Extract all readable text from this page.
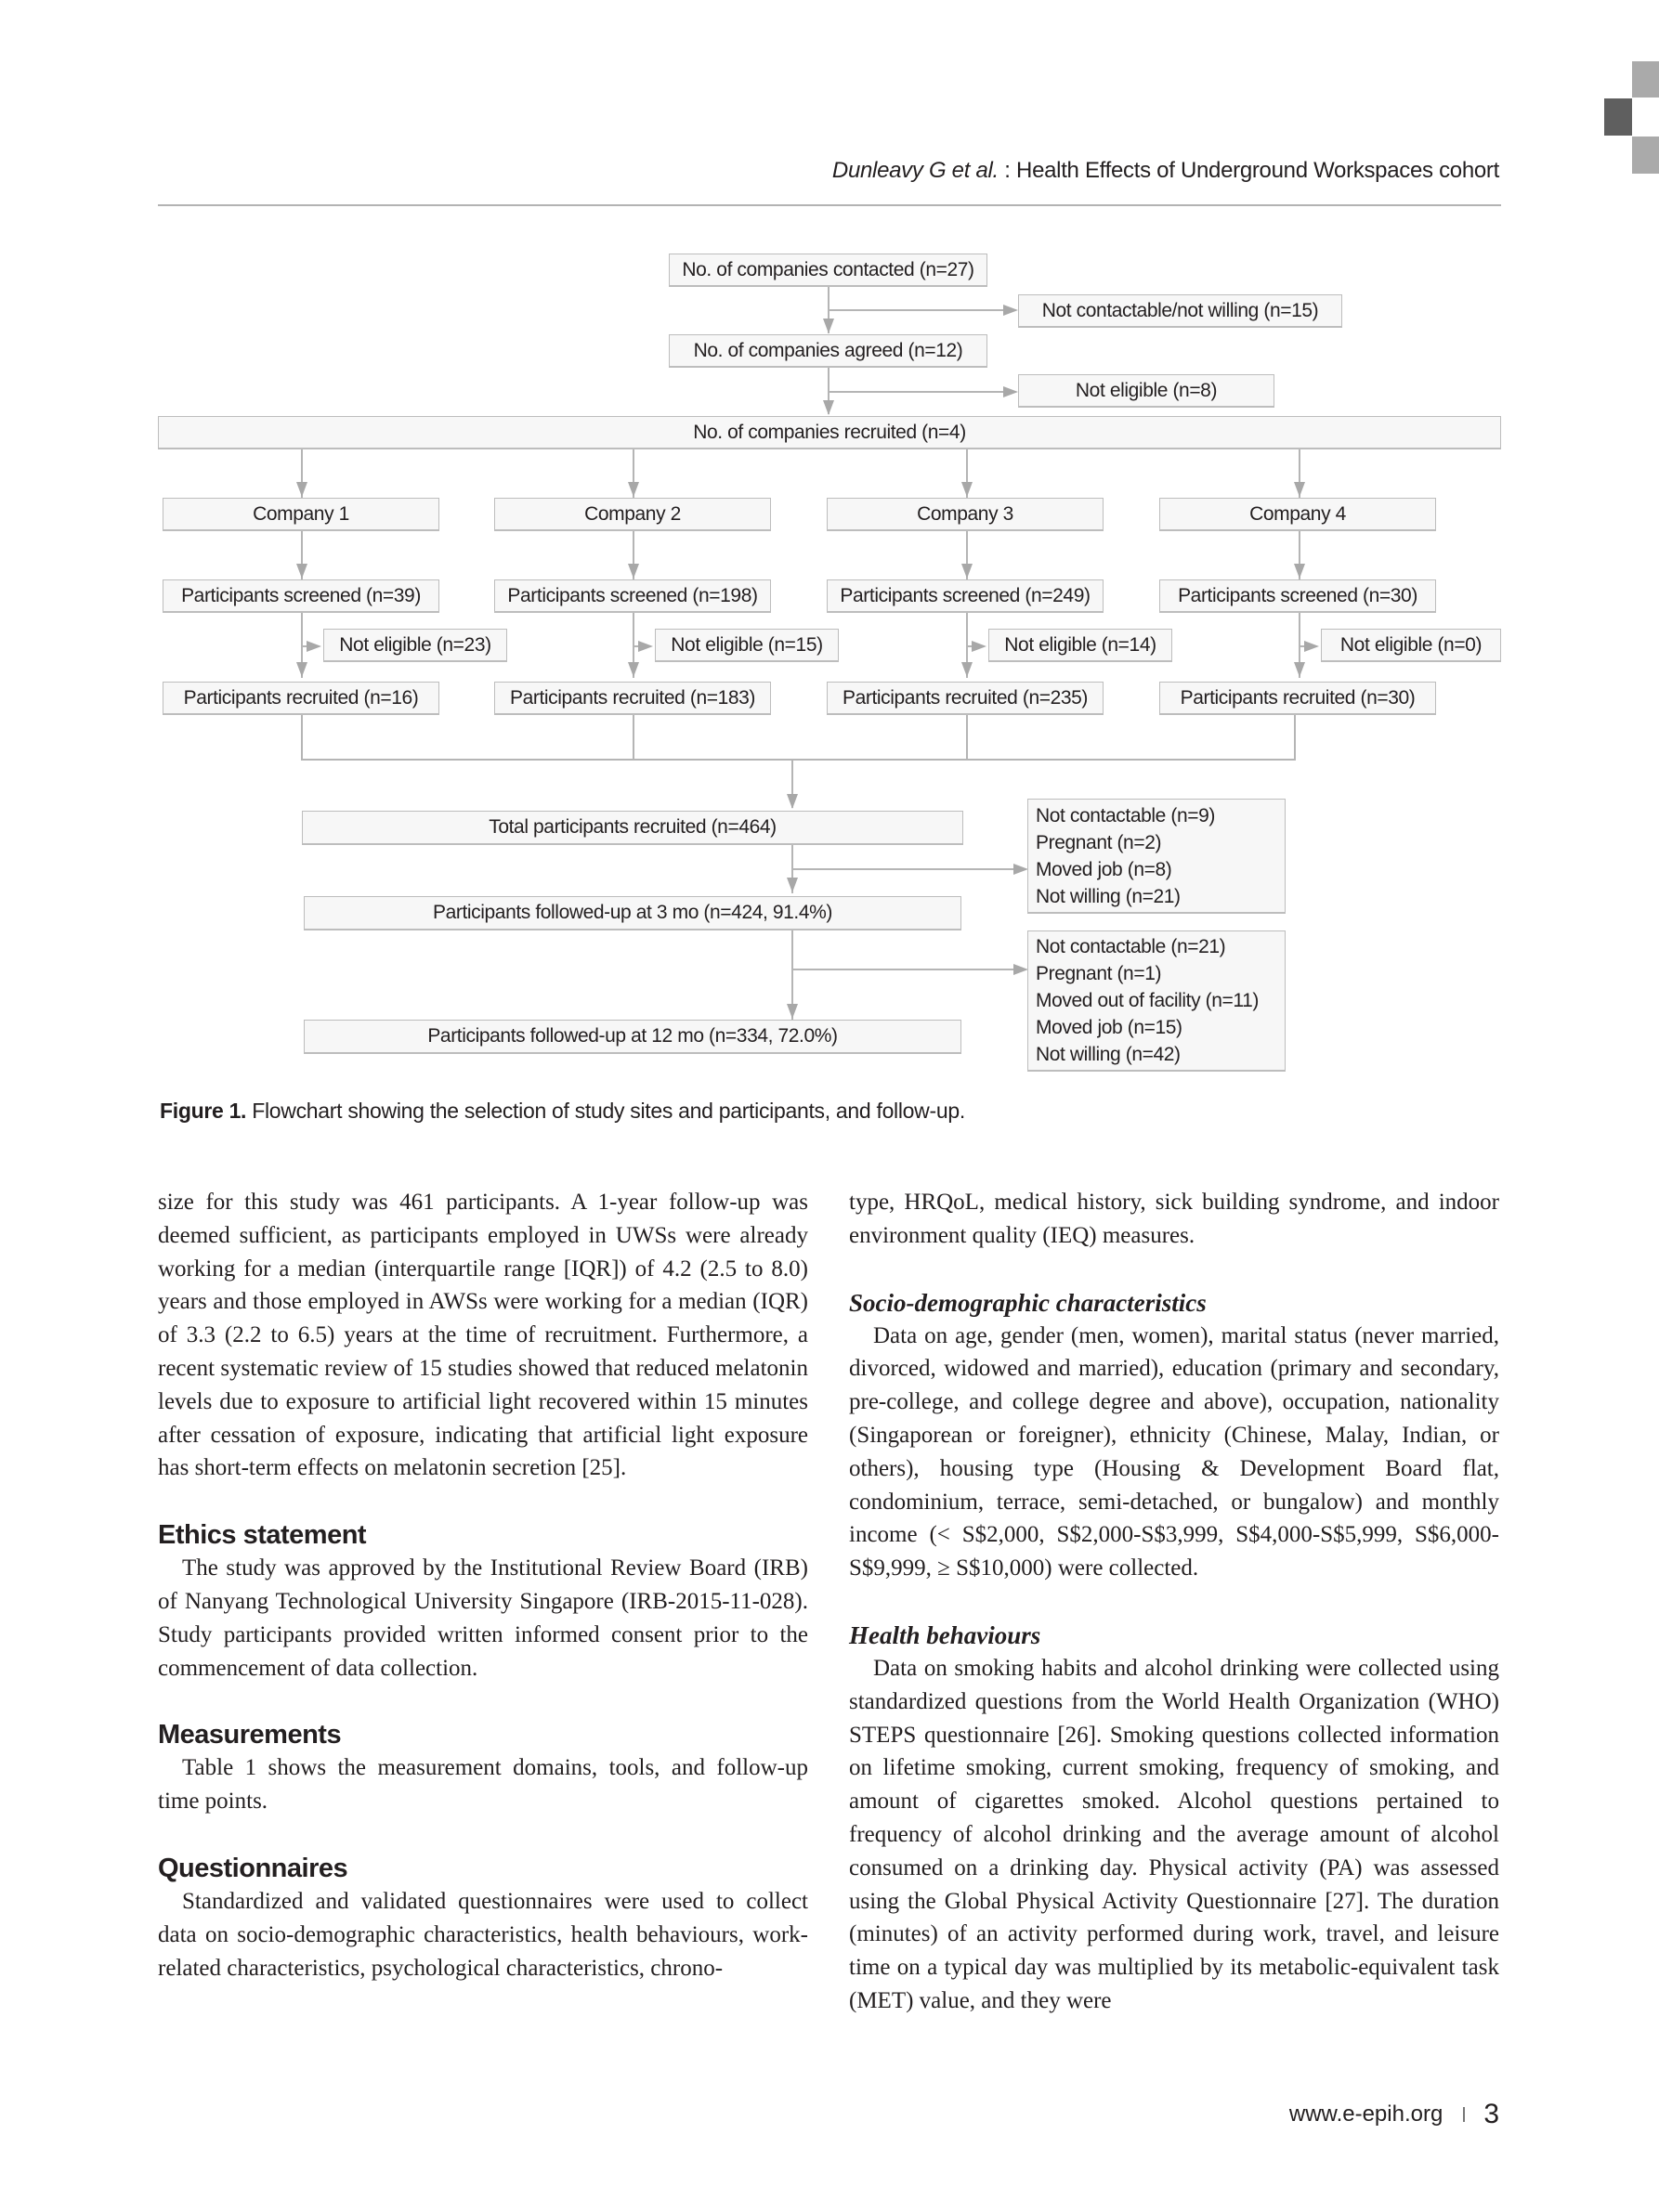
Dunleavy G et al. : Health Effects of Underground Workspaces cohort
No. of companies contacted (n=27)
Not contactable/not willing (n=15)
No. of companies agreed (n=12)
Not eligible (n=8)
No. of companies recruited (n=4)
Company 1
Participants screened (n=39)
Not eligible (n=23)
Participants recruited (n=16)
Company 2
Participants screened (n=198)
Not eligible (n=15)
Participants recruited (n=183)
Company 3
Participants screened (n=249)
Not eligible (n=14)
Participants recruited (n=235)
Company 4
Participants screened (n=30)
Not eligible (n=0)
Participants recruited (n=30)
Total participants recruited (n=464)
Not contactable (n=9)
Pregnant (n=2)
Moved job (n=8)
Not willing (n=21)
Participants followed-up at 3 mo (n=424, 91.4%)
Not contactable (n=21)
Pregnant (n=1)
Moved out of facility (n=11)
Moved job (n=15)
Not willing (n=42)
Participants followed-up at 12 mo (n=334, 72.0%)
Figure 1. Flowchart showing the selection of study sites and participants, and follow-up.

size for this study was 461 participants. A 1-year follow-up was deemed sufficient, as participants employed in UWSs were already working for a median (interquartile range [IQR]) of 4.2 (2.5 to 8.0) years and those employed in AWSs were working for a median (IQR) of 3.3 (2.2 to 6.5) years at the time of recruitment. Furthermore, a recent systematic review of 15 studies showed that reduced melatonin levels due to exposure to artificial light recovered within 15 minutes after cessation of exposure, indicating that artificial light exposure has short-term effects on melatonin secretion [25].

Ethics statement

The study was approved by the Institutional Review Board (IRB) of Nanyang Technological University Singapore (IRB-2015-11-028). Study participants provided written informed consent prior to the commencement of data collection.

Measurements

Table 1 shows the measurement domains, tools, and follow-up time points.

Questionnaires

Standardized and validated questionnaires were used to collect data on socio-demographic characteristics, health behaviours, work-related characteristics, psychological characteristics, chrono-

type, HRQoL, medical history, sick building syndrome, and indoor environment quality (IEQ) measures.

Socio-demographic characteristics

Data on age, gender (men, women), marital status (never married, divorced, widowed and married), education (primary and secondary, pre-college, and college degree and above), occupation, nationality (Singaporean or foreigner), ethnicity (Chinese, Malay, Indian, or others), housing type (Housing & Development Board flat, condominium, terrace, semi-detached, or bungalow) and monthly income (< S$2,000, S$2,000-S$3,999, S$4,000-S$5,999, S$6,000-S$9,999, ≥ S$10,000) were collected.

Health behaviours

Data on smoking habits and alcohol drinking were collected using standardized questions from the World Health Organization (WHO) STEPS questionnaire [26]. Smoking questions collected information on lifetime smoking, current smoking, frequency of smoking, and amount of cigarettes smoked. Alcohol questions pertained to frequency of alcohol drinking and the average amount of alcohol consumed on a drinking day. Physical activity (PA) was assessed using the Global Physical Activity Questionnaire [27]. The duration (minutes) of an activity performed during work, travel, and leisure time on a typical day was multiplied by its metabolic-equivalent task (MET) value, and they were

www.e-epih.org 3
